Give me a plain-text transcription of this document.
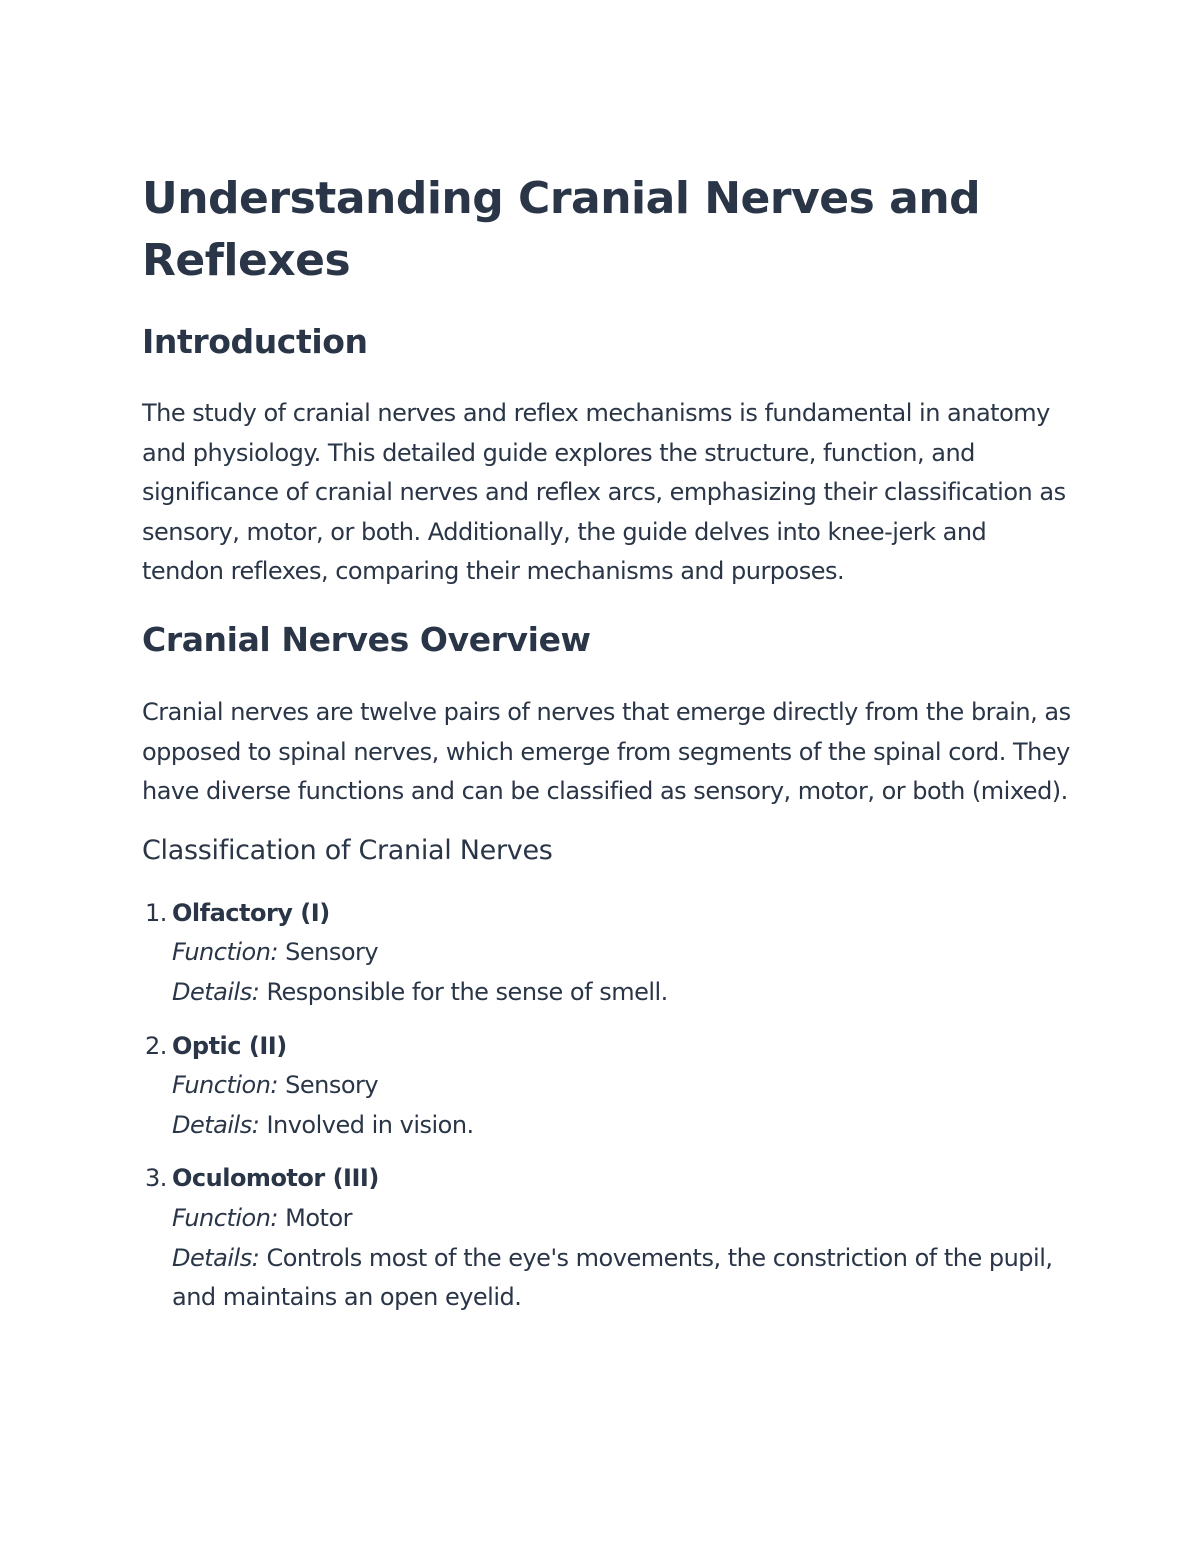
Understanding Cranial Nerves and Reflexes
Introduction

The study of cranial nerves and reflex mechanisms is fundamental in anatomy and physiology. This detailed guide explores the structure, function, and significance of cranial nerves and reflex arcs, emphasizing their classification as sensory, motor, or both. Additionally, the guide delves into knee-jerk and tendon reflexes, comparing their mechanisms and purposes.

Cranial Nerves Overview

Cranial nerves are twelve pairs of nerves that emerge directly from the brain, as opposed to spinal nerves, which emerge from segments of the spinal cord. They have diverse functions and can be classified as sensory, motor, or both (mixed).

Classification of Cranial Nerves
1. Olfactory (I)
Function: Sensory
Details: Responsible for the sense of smell.
2. Optic (II)
Function: Sensory
Details: Involved in vision.
3. Oculomotor (III)
Function: Motor
Details: Controls most of the eye's movements, the constriction of the pupil, and maintains an open eyelid.
